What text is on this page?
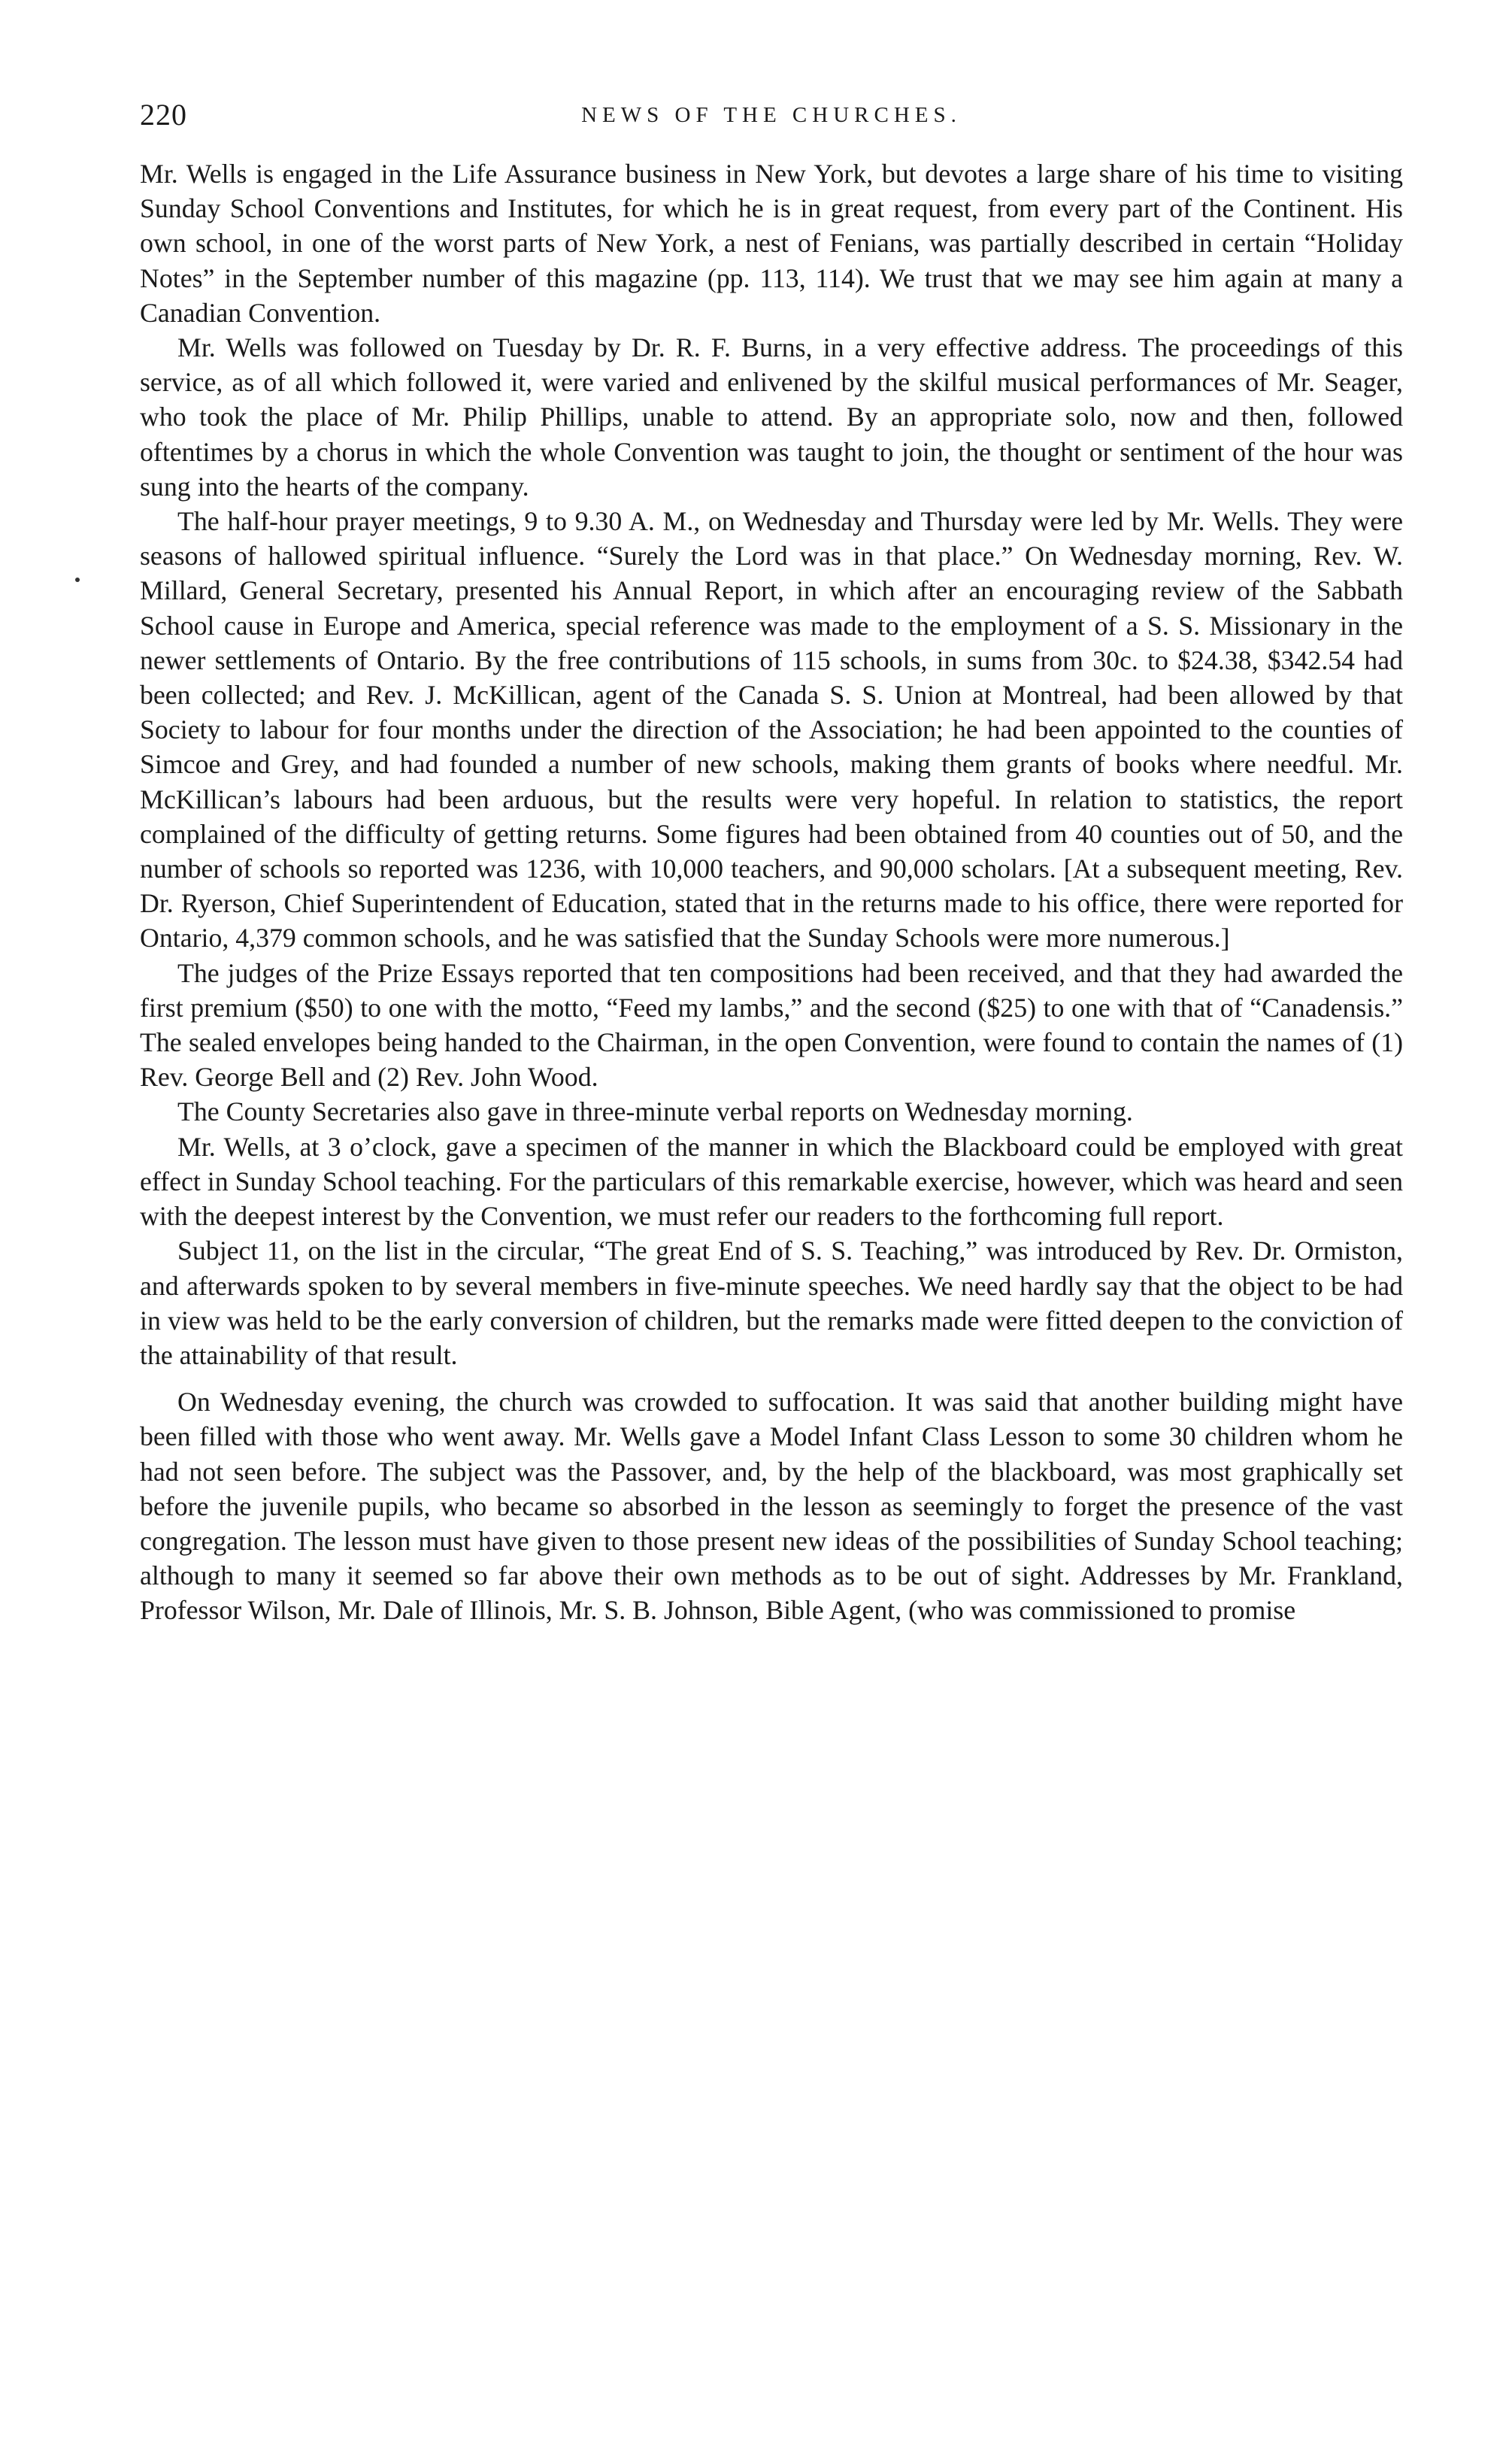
220	NEWS OF THE CHURCHES.

Mr. Wells is engaged in the Life Assurance business in New York, but devotes a large share of his time to visiting Sunday School Conventions and Institutes, for which he is in great request, from every part of the Continent. His own school, in one of the worst parts of New York, a nest of Fenians, was partially described in certain “Holiday Notes” in the September number of this magazine (pp. 113, 114). We trust that we may see him again at many a Canadian Convention.

Mr. Wells was followed on Tuesday by Dr. R. F. Burns, in a very effective address. The proceedings of this service, as of all which followed it, were varied and enlivened by the skilful musical performances of Mr. Seager, who took the place of Mr. Philip Phillips, unable to attend. By an appropriate solo, now and then, followed oftentimes by a chorus in which the whole Convention was taught to join, the thought or sentiment of the hour was sung into the hearts of the company.

The half-hour prayer meetings, 9 to 9.30 A. M., on Wednesday and Thursday were led by Mr. Wells. They were seasons of hallowed spiritual influence. “Surely the Lord was in that place.” On Wednesday morning, Rev. W. Millard, General Secretary, presented his Annual Report, in which after an encouraging review of the Sabbath School cause in Europe and America, special reference was made to the employment of a S. S. Missionary in the newer settlements of Ontario. By the free contributions of 115 schools, in sums from 30c. to $24.38, $342.54 had been collected; and Rev. J. McKillican, agent of the Canada S. S. Union at Montreal, had been allowed by that Society to labour for four months under the direction of the Association; he had been appointed to the counties of Simcoe and Grey, and had founded a number of new schools, making them grants of books where needful. Mr. McKillican’s labours had been arduous, but the results were very hopeful. In relation to statistics, the report complained of the difficulty of getting returns. Some figures had been obtained from 40 counties out of 50, and the number of schools so reported was 1236, with 10,000 teachers, and 90,000 scholars. [At a subsequent meeting, Rev. Dr. Ryerson, Chief Superintendent of Education, stated that in the returns made to his office, there were reported for Ontario, 4,379 common schools, and he was satisfied that the Sunday Schools were more numerous.]

The judges of the Prize Essays reported that ten compositions had been received, and that they had awarded the first premium ($50) to one with the motto, “Feed my lambs,” and the second ($25) to one with that of “Canadensis.” The sealed envelopes being handed to the Chairman, in the open Convention, were found to contain the names of (1) Rev. George Bell and (2) Rev. John Wood.

The County Secretaries also gave in three-minute verbal reports on Wednesday morning.

Mr. Wells, at 3 o’clock, gave a specimen of the manner in which the Blackboard could be employed with great effect in Sunday School teaching. For the particulars of this remarkable exercise, however, which was heard and seen with the deepest interest by the Convention, we must refer our readers to the forthcoming full report.

Subject 11, on the list in the circular, “The great End of S. S. Teaching,” was introduced by Rev. Dr. Ormiston, and afterwards spoken to by several members in five-minute speeches. We need hardly say that the object to be had in view was held to be the early conversion of children, but the remarks made were fitted deepen to the conviction of the attainability of that result.

On Wednesday evening, the church was crowded to suffocation. It was said that another building might have been filled with those who went away. Mr. Wells gave a Model Infant Class Lesson to some 30 children whom he had not seen before. The subject was the Passover, and, by the help of the blackboard, was most graphically set before the juvenile pupils, who became so absorbed in the lesson as seemingly to forget the presence of the vast congregation. The lesson must have given to those present new ideas of the possibilities of Sunday School teaching; although to many it seemed so far above their own methods as to be out of sight. Addresses by Mr. Frankland, Professor Wilson, Mr. Dale of Illinois, Mr. S. B. Johnson, Bible Agent, (who was commissioned to promise
